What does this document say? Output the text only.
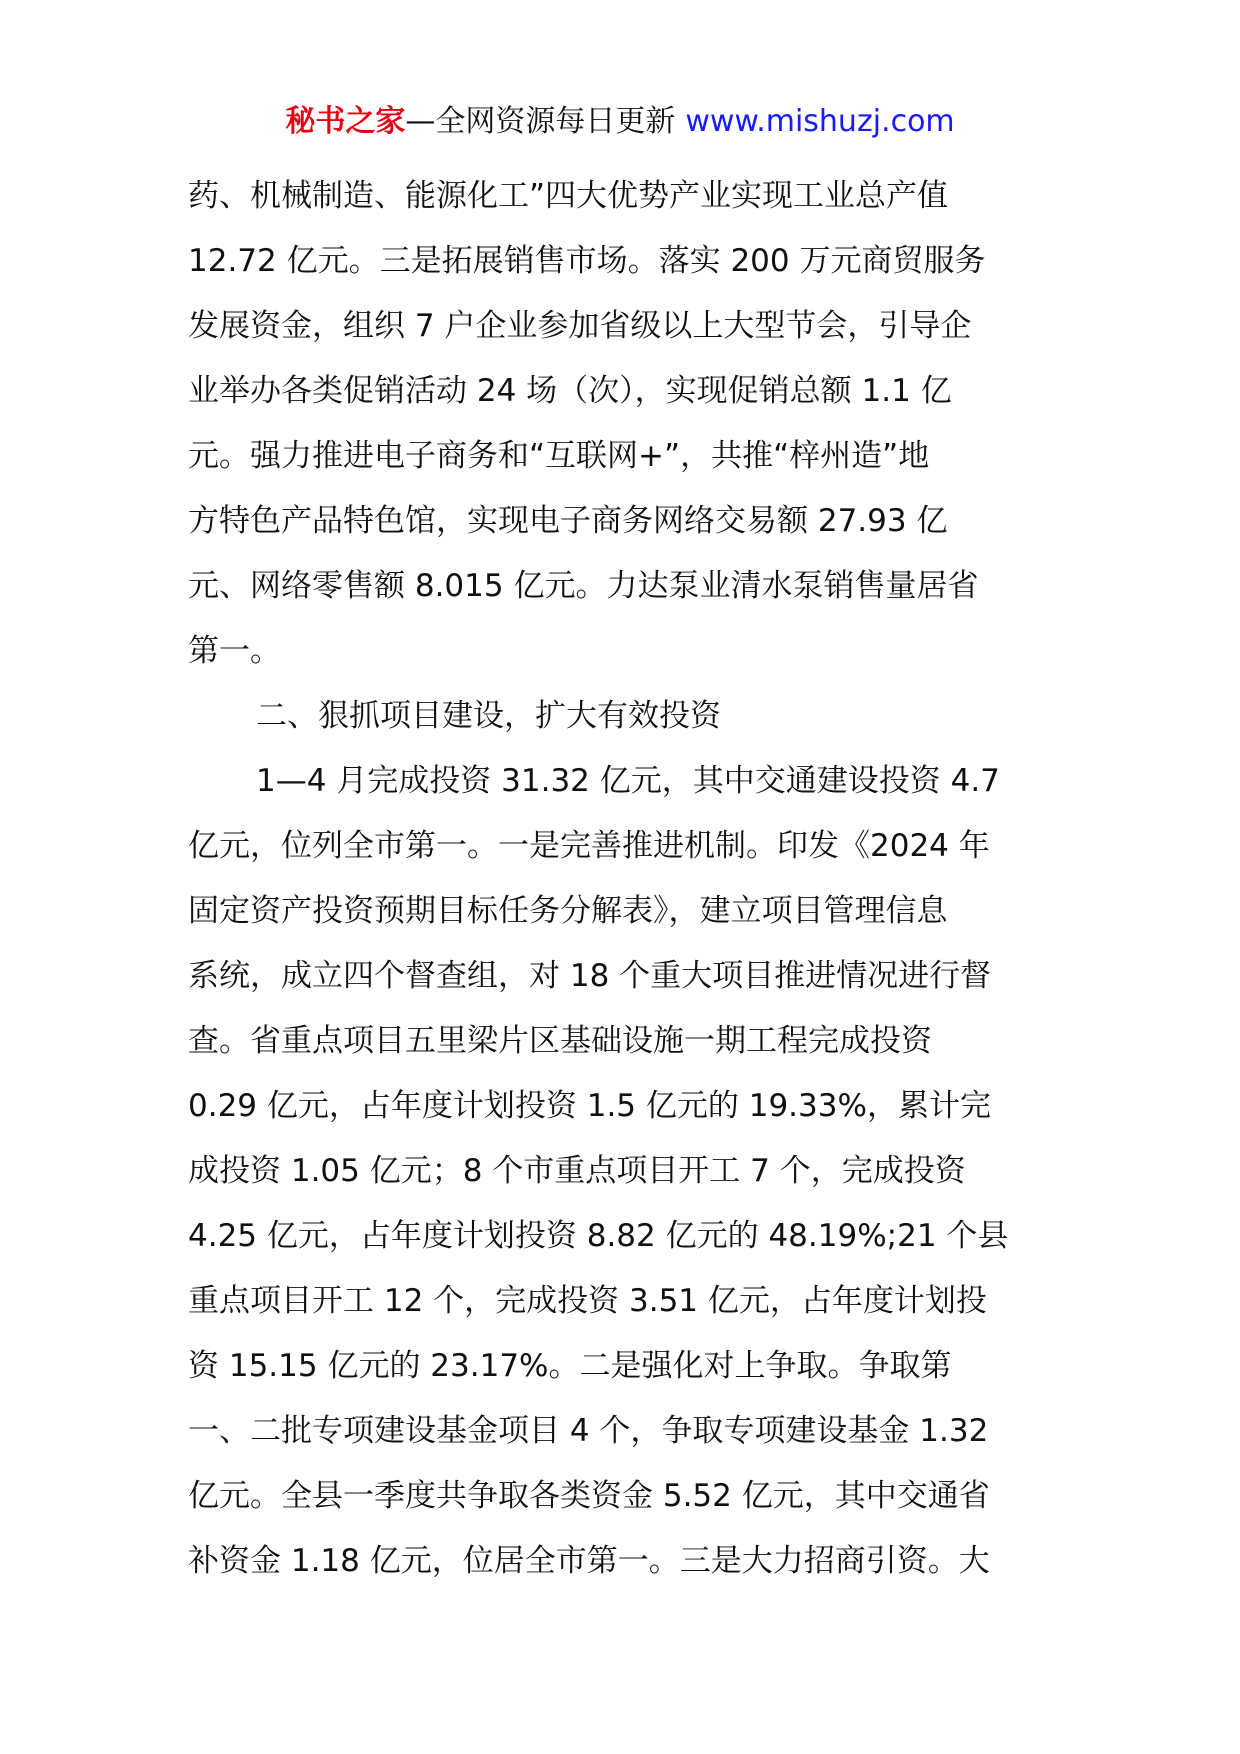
秘书之家—全网资源每日更新 www.mishuzj.com
药、机械制造、能源化工”四大优势产业实现工业总产值
12.72 亿元。三是拓展销售市场。落实 200 万元商贸服务
发展资金，组织 7 户企业参加省级以上大型节会，引导企
业举办各类促销活动 24 场（次），实现促销总额 1.1 亿
元。强力推进电子商务和“互联网+”，共推“梓州造”地
方特色产品特色馆，实现电子商务网络交易额 27.93 亿
元、网络零售额 8.015 亿元。力达泵业清水泵销售量居省
第一。
二、狠抓项目建设，扩大有效投资
1—4 月完成投资 31.32 亿元，其中交通建设投资 4.7
亿元，位列全市第一。一是完善推进机制。印发《2024 年
固定资产投资预期目标任务分解表》，建立项目管理信息
系统，成立四个督查组，对 18 个重大项目推进情况进行督
查。省重点项目五里梁片区基础设施一期工程完成投资
0.29 亿元，占年度计划投资 1.5 亿元的 19.33%，累计完
成投资 1.05 亿元；8 个市重点项目开工 7 个，完成投资
4.25 亿元，占年度计划投资 8.82 亿元的 48.19%;21 个县
重点项目开工 12 个，完成投资 3.51 亿元，占年度计划投
资 15.15 亿元的 23.17%。二是强化对上争取。争取第
一、二批专项建设基金项目 4 个，争取专项建设基金 1.32
亿元。全县一季度共争取各类资金 5.52 亿元，其中交通省
补资金 1.18 亿元，位居全市第一。三是大力招商引资。大
